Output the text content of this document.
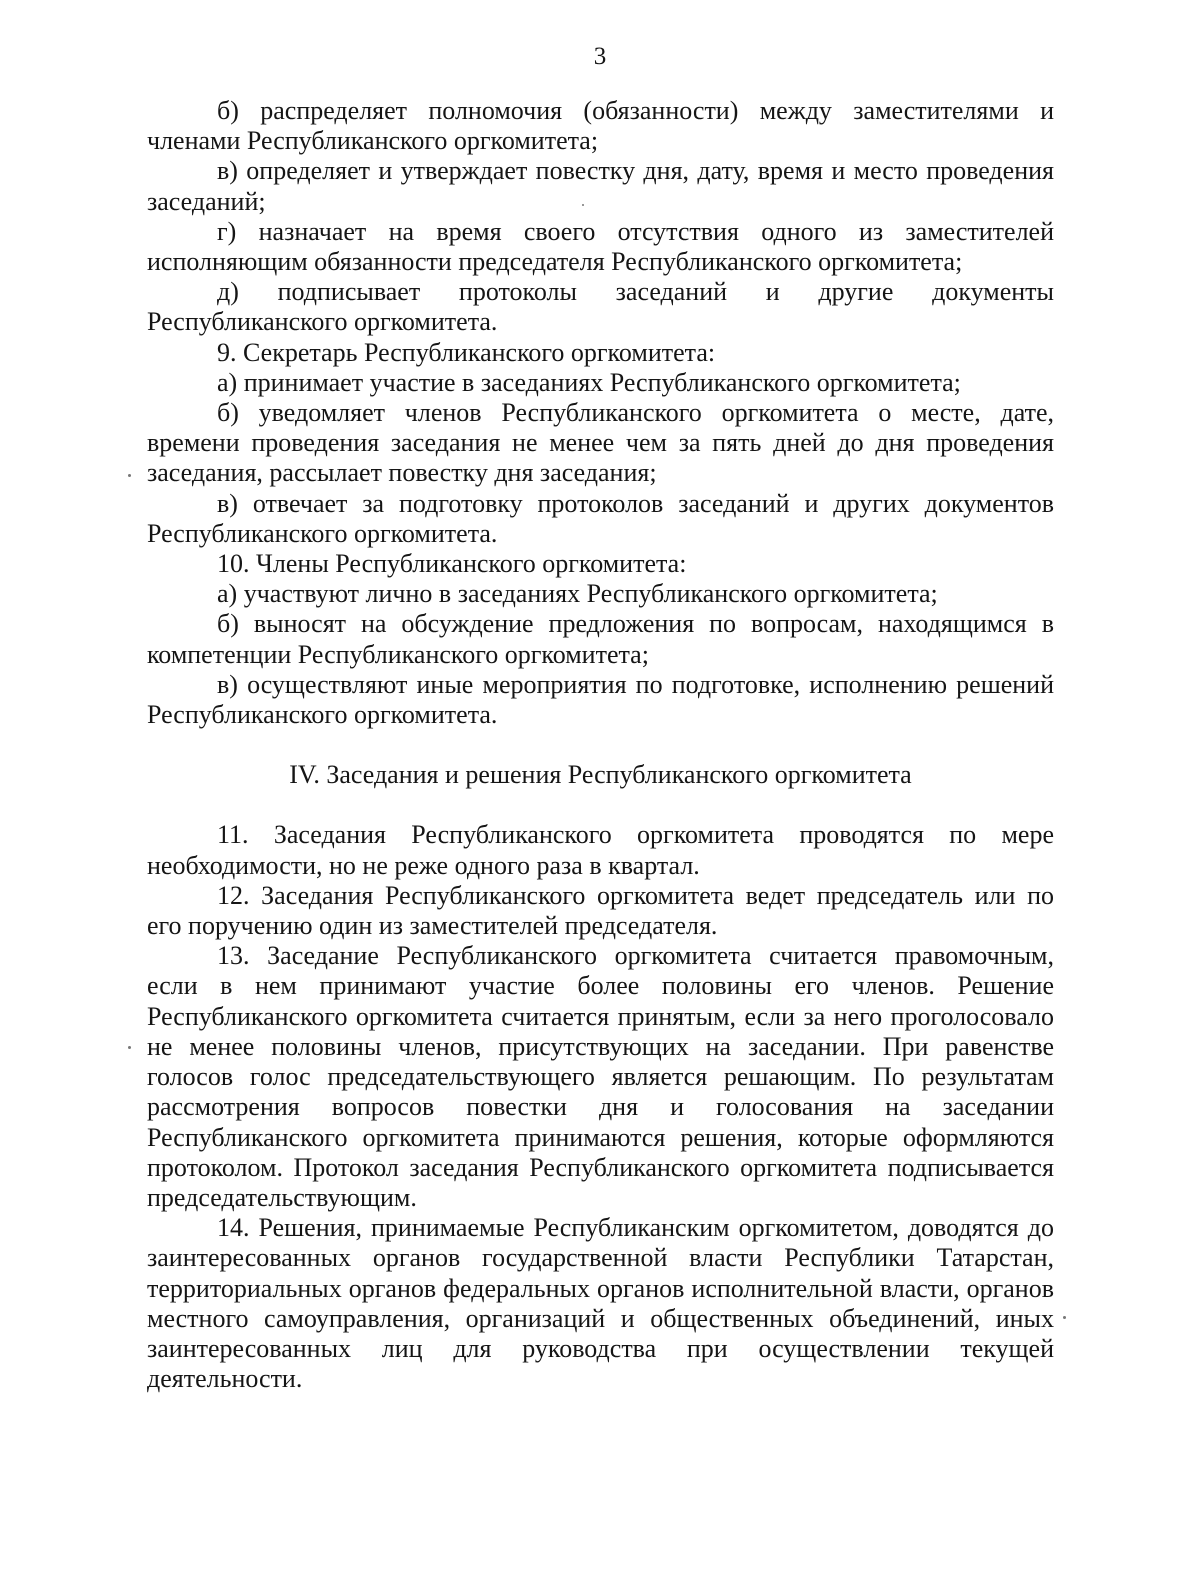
3

б) распределяет полномочия (обязанности) между заместителями и членами Республиканского оргкомитета;

в) определяет и утверждает повестку дня, дату, время и место проведения заседаний;

г) назначает на время своего отсутствия одного из заместителей исполняющим обязанности председателя Республиканского оргкомитета;

д) подписывает протоколы заседаний и другие документы Республиканского оргкомитета.

9. Секретарь Республиканского оргкомитета:

а) принимает участие в заседаниях Республиканского оргкомитета;

б) уведомляет членов Республиканского оргкомитета о месте, дате, времени проведения заседания не менее чем за пять дней до дня проведения заседания, рассылает повестку дня заседания;

в) отвечает за подготовку протоколов заседаний и других документов Республиканского оргкомитета.

10. Члены Республиканского оргкомитета:

а) участвуют лично в заседаниях Республиканского оргкомитета;

б) выносят на обсуждение предложения по вопросам, находящимся в компетенции Республиканского оргкомитета;

в) осуществляют иные мероприятия по подготовке, исполнению решений Республиканского оргкомитета.

IV. Заседания и решения Республиканского оргкомитета

11. Заседания Республиканского оргкомитета проводятся по мере необходимости, но не реже одного раза в квартал.

12. Заседания Республиканского оргкомитета ведет председатель или по его поручению один из заместителей председателя.

13. Заседание Республиканского оргкомитета считается правомочным, если в нем принимают участие более половины его членов. Решение Республиканского оргкомитета считается принятым, если за него проголосовало не менее половины членов, присутствующих на заседании. При равенстве голосов голос председательствующего является решающим. По результатам рассмотрения вопросов повестки дня и голосования на заседании Республиканского оргкомитета принимаются решения, которые оформляются протоколом. Протокол заседания Республиканского оргкомитета подписывается председательствующим.

14. Решения, принимаемые Республиканским оргкомитетом, доводятся до заинтересованных органов государственной власти Республики Татарстан, территориальных органов федеральных органов исполнительной власти, органов местного самоуправления, организаций и общественных объединений, иных заинтересованных лиц для руководства при осуществлении текущей деятельности.
